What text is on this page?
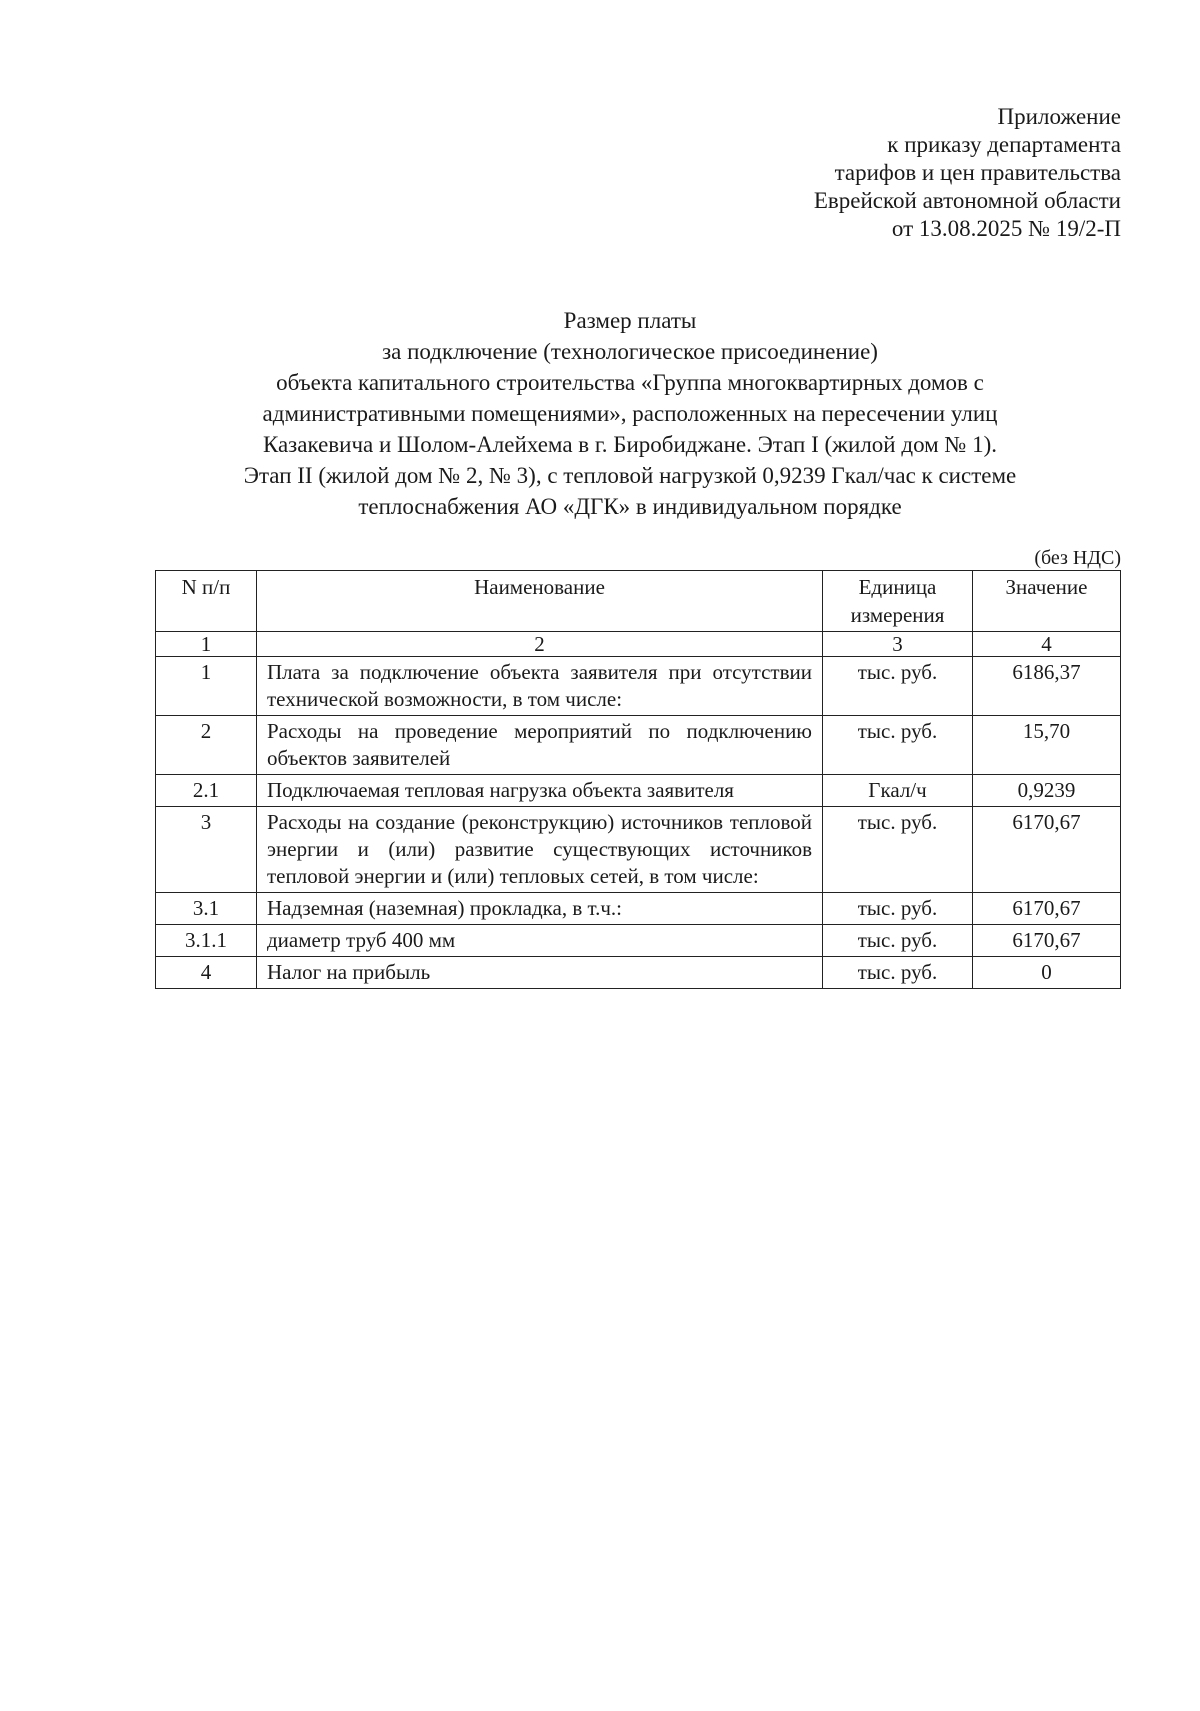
Приложение
к приказу департамента
тарифов и цен правительства
Еврейской автономной области
от 13.08.2025 № 19/2-П
Размер платы
за подключение (технологическое присоединение)
объекта капитального строительства «Группа многоквартирных домов с
административными помещениями», расположенных на пересечении улиц
Казакевича и Шолом-Алейхема в г. Биробиджане. Этап I (жилой дом № 1).
Этап II (жилой дом № 2, № 3), с тепловой нагрузкой 0,9239 Гкал/час к системе
теплоснабжения АО «ДГК» в индивидуальном порядке
(без НДС)
N п/п	Наименование	Единица измерения	Значение
1	2	3	4
1	Плата за подключение объекта заявителя при отсутствии технической возможности, в том числе:	тыс. руб.	6186,37
2	Расходы на проведение мероприятий по подключению объектов заявителей	тыс. руб.	15,70
2.1	Подключаемая тепловая нагрузка объекта заявителя	Гкал/ч	0,9239
3	Расходы на создание (реконструкцию) источников тепловой энергии и (или) развитие существующих источников тепловой энергии и (или) тепловых сетей, в том числе:	тыс. руб.	6170,67
3.1	Надземная (наземная) прокладка, в т.ч.:	тыс. руб.	6170,67
3.1.1	диаметр труб 400 мм	тыс. руб.	6170,67
4	Налог на прибыль	тыс. руб.	0
